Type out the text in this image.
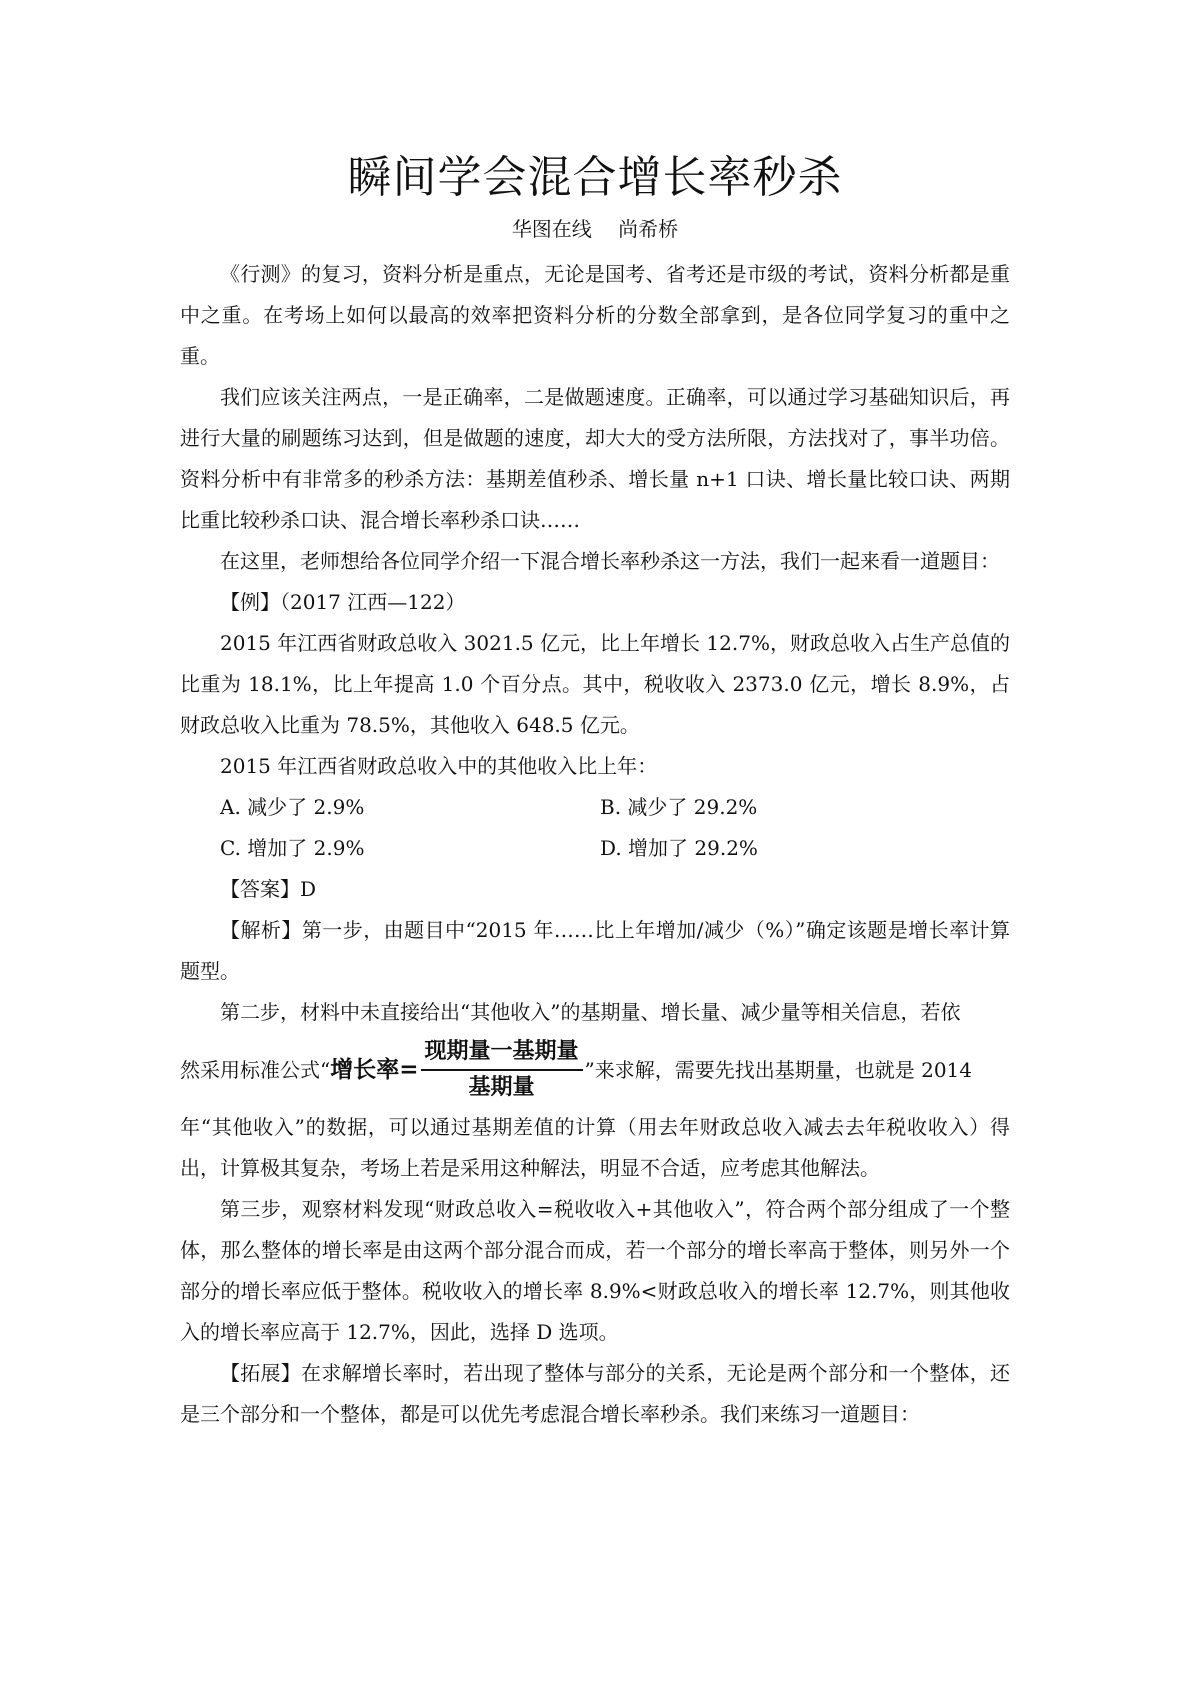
瞬间学会混合增长率秒杀
华图在线 尚希桥

《行测》的复习，资料分析是重点，无论是国考、省考还是市级的考试，资料分析都是重中之重。在考场上如何以最高的效率把资料分析的分数全部拿到，是各位同学复习的重中之重。

我们应该关注两点，一是正确率，二是做题速度。正确率，可以通过学习基础知识后，再进行大量的刷题练习达到，但是做题的速度，却大大的受方法所限，方法找对了，事半功倍。资料分析中有非常多的秒杀方法：基期差值秒杀、增长量 n+1 口诀、增长量比较口诀、两期比重比较秒杀口诀、混合增长率秒杀口诀……

在这里，老师想给各位同学介绍一下混合增长率秒杀这一方法，我们一起来看一道题目：

【例】（2017 江西—122）

2015 年江西省财政总收入 3021.5 亿元，比上年增长 12.7%，财政总收入占生产总值的比重为 18.1%，比上年提高 1.0 个百分点。其中，税收收入 2373.0 亿元，增长 8.9%，占财政总收入比重为 78.5%，其他收入 648.5 亿元。

2015 年江西省财政总收入中的其他收入比上年：

A. 减少了 2.9%	B. 减少了 29.2%
C. 增加了 2.9%	D. 增加了 29.2%

【答案】D

【解析】第一步，由题目中“2015 年……比上年增加/减少（%）”确定该题是增长率计算题型。

第二步，材料中未直接给出“其他收入”的基期量、增长量、减少量等相关信息，若依

然采用标准公式“ 增长率= $\frac{\text{现期量一基期量}}{\text{基期量}}$ ”来求解，需要先找出基期量，也就是 2014

年“其他收入”的数据，可以通过基期差值的计算（用去年财政总收入减去去年税收收入）得出，计算极其复杂，考场上若是采用这种解法，明显不合适，应考虑其他解法。

第三步，观察材料发现“财政总收入=税收收入+其他收入”，符合两个部分组成了一个整体，那么整体的增长率是由这两个部分混合而成，若一个部分的增长率高于整体，则另外一个部分的增长率应低于整体。税收收入的增长率 8.9%<财政总收入的增长率 12.7%，则其他收入的增长率应高于 12.7%，因此，选择 D 选项。

【拓展】在求解增长率时，若出现了整体与部分的关系，无论是两个部分和一个整体，还是三个部分和一个整体，都是可以优先考虑混合增长率秒杀。我们来练习一道题目：
